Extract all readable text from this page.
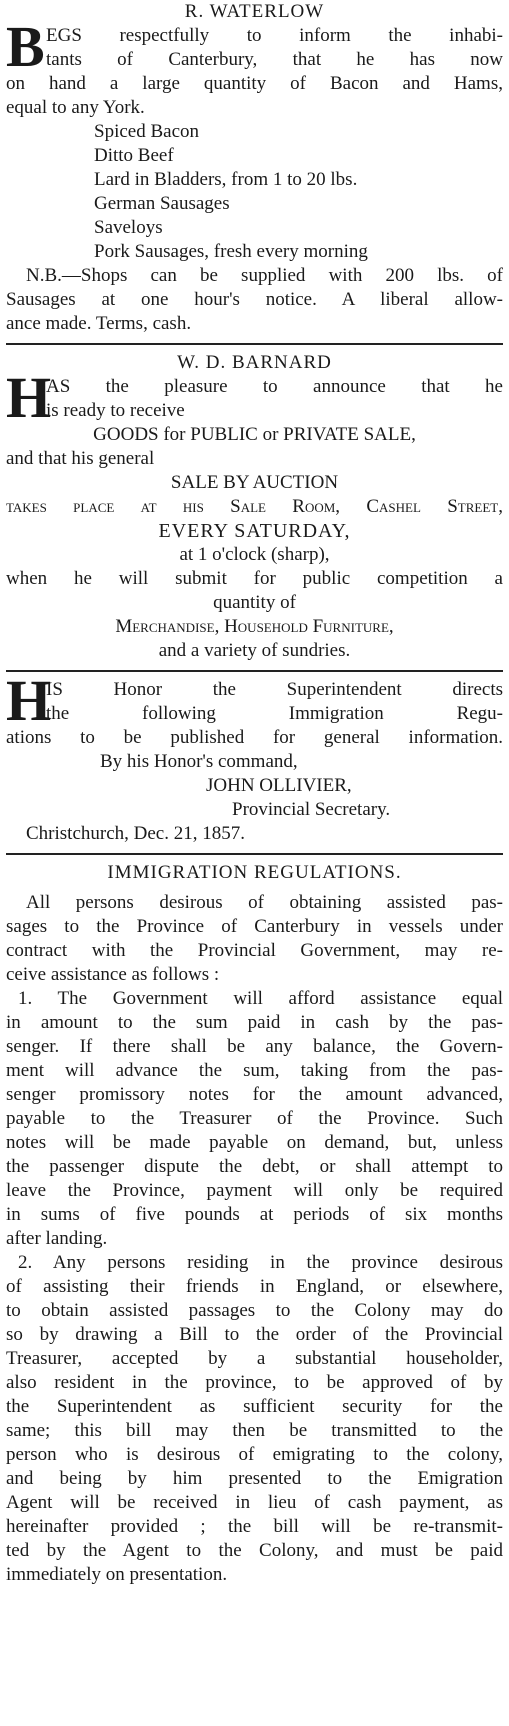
R. WATERLOW
B EGS respectfully to inform the inhabi-
tants of Canterbury, that he has now
on hand a large quantity of Bacon and Hams,
equal to any York.
Spiced Bacon
Ditto Beef
Lard in Bladders, from 1 to 20 lbs.
German Sausages
Saveloys
Pork Sausages, fresh every morning
N.B.—Shops can be supplied with 200 lbs. of
Sausages at one hour's notice. A liberal allow-
ance made. Terms, cash.
W. D. BARNARD
H
AS the pleasure to announce that he
is ready to receive
GOODS for PUBLIC or PRIVATE SALE,
and that his general
SALE BY AUCTION
takes place at his Sale Room, Cashel Street,
EVERY SATURDAY,
at 1 o'clock (sharp),
when he will submit for public competition a
quantity of
Merchandise, Household Furniture,
and a variety of sundries.
H
IS Honor the Superintendent directs
the following Immigration Regu-
ations to be published for general information.
By his Honor's command,
JOHN OLLIVIER,
Provincial Secretary.
Christchurch, Dec. 21, 1857.
IMMIGRATION REGULATIONS.
All persons desirous of obtaining assisted pas-
sages to the Province of Canterbury in vessels under
contract with the Provincial Government, may re-
ceive assistance as follows :
1. The Government will afford assistance equal
in amount to the sum paid in cash by the pas-
senger. If there shall be any balance, the Govern-
ment will advance the sum, taking from the pas-
senger promissory notes for the amount advanced,
payable to the Treasurer of the Province. Such
notes will be made payable on demand, but, unless
the passenger dispute the debt, or shall attempt to
leave the Province, payment will only be required
in sums of five pounds at periods of six months
after landing.
2. Any persons residing in the province desirous
of assisting their friends in England, or elsewhere,
to obtain assisted passages to the Colony may do
so by drawing a Bill to the order of the Provincial
Treasurer, accepted by a substantial householder,
also resident in the province, to be approved of by
the Superintendent as sufficient security for the
same; this bill may then be transmitted to the
person who is desirous of emigrating to the colony,
and being by him presented to the Emigration
Agent will be received in lieu of cash payment, as
hereinafter provided ; the bill will be re-transmit-
ted by the Agent to the Colony, and must be paid
immediately on presentation.
